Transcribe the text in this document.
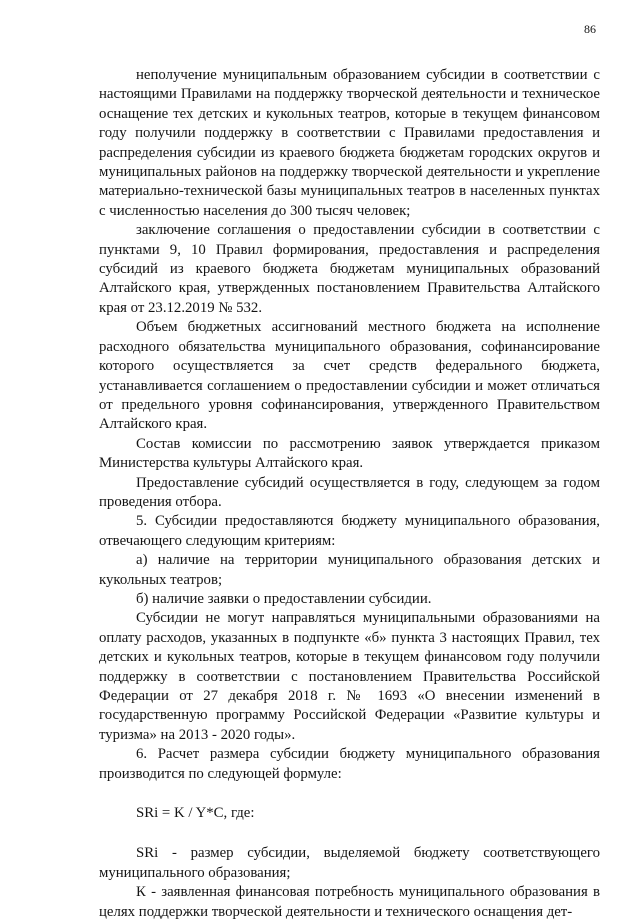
86

неполучение муниципальным образованием субсидии в соответствии с настоящими Правилами на поддержку творческой деятельности и техническое оснащение тех детских и кукольных театров, которые в текущем финансовом году получили поддержку в соответствии с Правилами предоставления и распределения субсидии из краевого бюджета бюджетам городских округов и муниципальных районов на поддержку творческой деятельности и укрепление материально-технической базы муниципальных театров в населенных пунктах с численностью населения до 300 тысяч человек;

заключение соглашения о предоставлении субсидии в соответствии с пунктами 9, 10 Правил формирования, предоставления и распределения субсидий из краевого бюджета бюджетам муниципальных образований Алтайского края, утвержденных постановлением Правительства Алтайского края от 23.12.2019 № 532.

Объем бюджетных ассигнований местного бюджета на исполнение расходного обязательства муниципального образования, софинансирование которого осуществляется за счет средств федерального бюджета, устанавливается соглашением о предоставлении субсидии и может отличаться от предельного уровня софинансирования, утвержденного Правительством Алтайского края.

Состав комиссии по рассмотрению заявок утверждается приказом Министерства культуры Алтайского края.

Предоставление субсидий осуществляется в году, следующем за годом проведения отбора.

5. Субсидии предоставляются бюджету муниципального образования, отвечающего следующим критериям:

а) наличие на территории муниципального образования детских и кукольных театров;

б) наличие заявки о предоставлении субсидии.

Субсидии не могут направляться муниципальными образованиями на оплату расходов, указанных в подпункте «б» пункта 3 настоящих Правил, тех детских и кукольных театров, которые в текущем финансовом году получили поддержку в соответствии с постановлением Правительства Российской Федерации от 27 декабря 2018 г. № 1693 «О внесении изменений в государственную программу Российской Федерации «Развитие культуры и туризма» на 2013 - 2020 годы».

6. Расчет размера субсидии бюджету муниципального образования производится по следующей формуле:

SRi = K / Y*C, где:

SRi - размер субсидии, выделяемой бюджету соответствующего муниципального образования;

К - заявленная финансовая потребность муниципального образования в целях поддержки творческой деятельности и технического оснащения дет-
